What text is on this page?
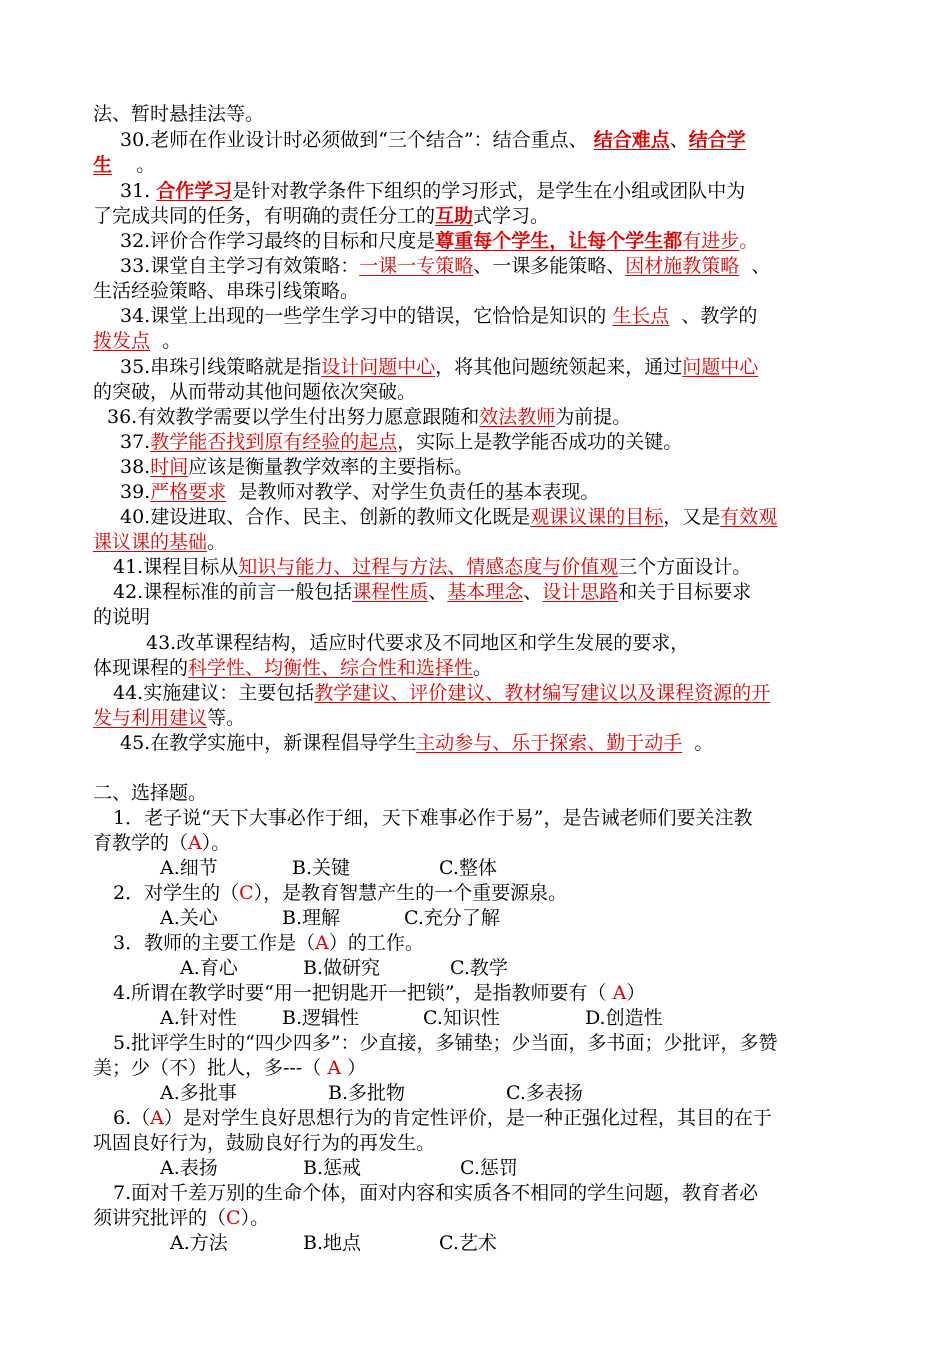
法、暂时悬挂法等。
30.老师在作业设计时必须做到“三个结合”：结合重点、 结合难点、结合学
生 。
31. 合作学习是针对教学条件下组织的学习形式，是学生在小组或团队中为
了完成共同的任务，有明确的责任分工的互助式学习。
32.评价合作学习最终的目标和尺度是尊重每个学生，让每个学生都有进步。
33.课堂自主学习有效策略：一课一专策略、一课多能策略、因材施教策略 、
生活经验策略、串珠引线策略。
34.课堂上出现的一些学生学习中的错误，它恰恰是知识的 生长点 、教学的
拨发点 。
35.串珠引线策略就是指设计问题中心，将其他问题统领起来，通过问题中心
的突破，从而带动其他问题依次突破。
36.有效教学需要以学生付出努力愿意跟随和效法教师为前提。
37.教学能否找到原有经验的起点，实际上是教学能否成功的关键。
38.时间应该是衡量教学效率的主要指标。
39.严格要求 是教师对教学、对学生负责任的基本表现。
40.建设进取、合作、民主、创新的教师文化既是观课议课的目标，又是有效观
课议课的基础。
41.课程目标从知识与能力、过程与方法、情感态度与价值观三个方面设计。
42.课程标准的前言一般包括课程性质、基本理念、设计思路和关于目标要求
的说明
43.改革课程结构，适应时代要求及不同地区和学生发展的要求，
体现课程的科学性、均衡性、综合性和选择性。
44.实施建议：主要包括教学建议、评价建议、教材编写建议以及课程资源的开
发与利用建议等。
45.在教学实施中，新课程倡导学生主动参与、乐于探索、勤于动手 。
二、选择题。
1．老子说“天下大事必作于细，天下难事必作于易”，是告诫老师们要关注教
育教学的（A）。
A.细节	B.关键	C.整体
2．对学生的（C），是教育智慧产生的一个重要源泉。
A.关心	B.理解	C.充分了解
3．教师的主要工作是（A）的工作。
A.育心	B.做研究	C.教学
4.所谓在教学时要“用一把钥匙开一把锁”，是指教师要有（ A）
A.针对性 B.逻辑性	C.知识性	D.创造性
5.批评学生时的“四少四多”：少直接，多铺垫；少当面，多书面；少批评，多赞
美；少（不）批人，多---（ A ）
A.多批事	B.多批物	C.多表扬
6.（A）是对学生良好思想行为的肯定性评价，是一种正强化过程，其目的在于
巩固良好行为，鼓励良好行为的再发生。
A.表扬	B.惩戒	C.惩罚
7.面对千差万别的生命个体，面对内容和实质各不相同的学生问题，教育者必
须讲究批评的（C）。
A.方法	B.地点	C.艺术
